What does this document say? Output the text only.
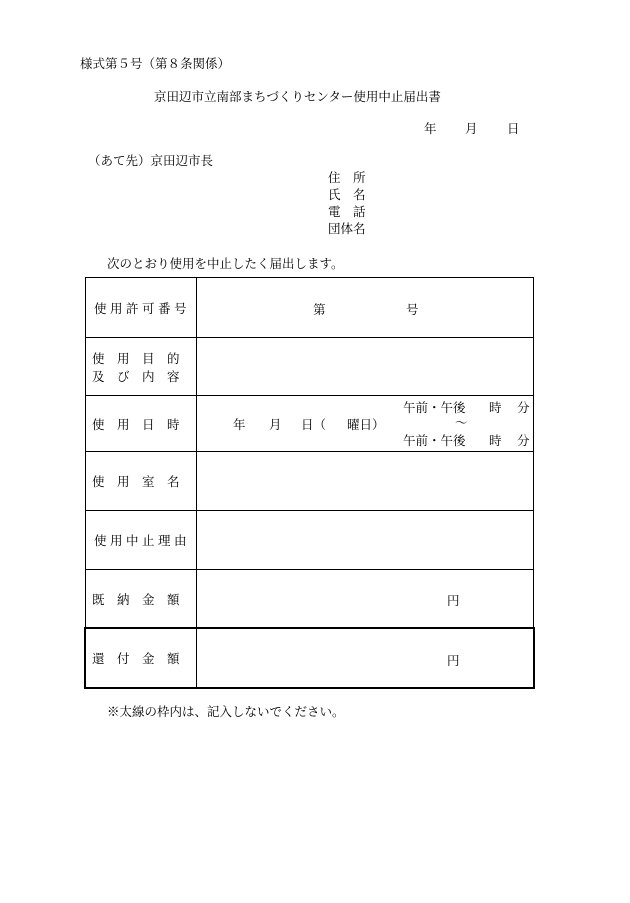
様式第５号（第８条関係）
京田辺市立南部まちづくりセンター使用中止届出書
年 月 日
（あて先）京田辺市長
住　所
氏　名
電　話
団体名
次のとおり使用を中止したく届出します。
使用許可番号	第	号
使　用　目　的
及　び　内　容
使　用　日　時	年 月 日（ 曜日）
午前・午後 時 分
〜
午前・午後 時 分
使　用　室　名
使用中止理由
既　納　金　額	円
還　付　金　額	円
※太線の枠内は、記入しないでください。
